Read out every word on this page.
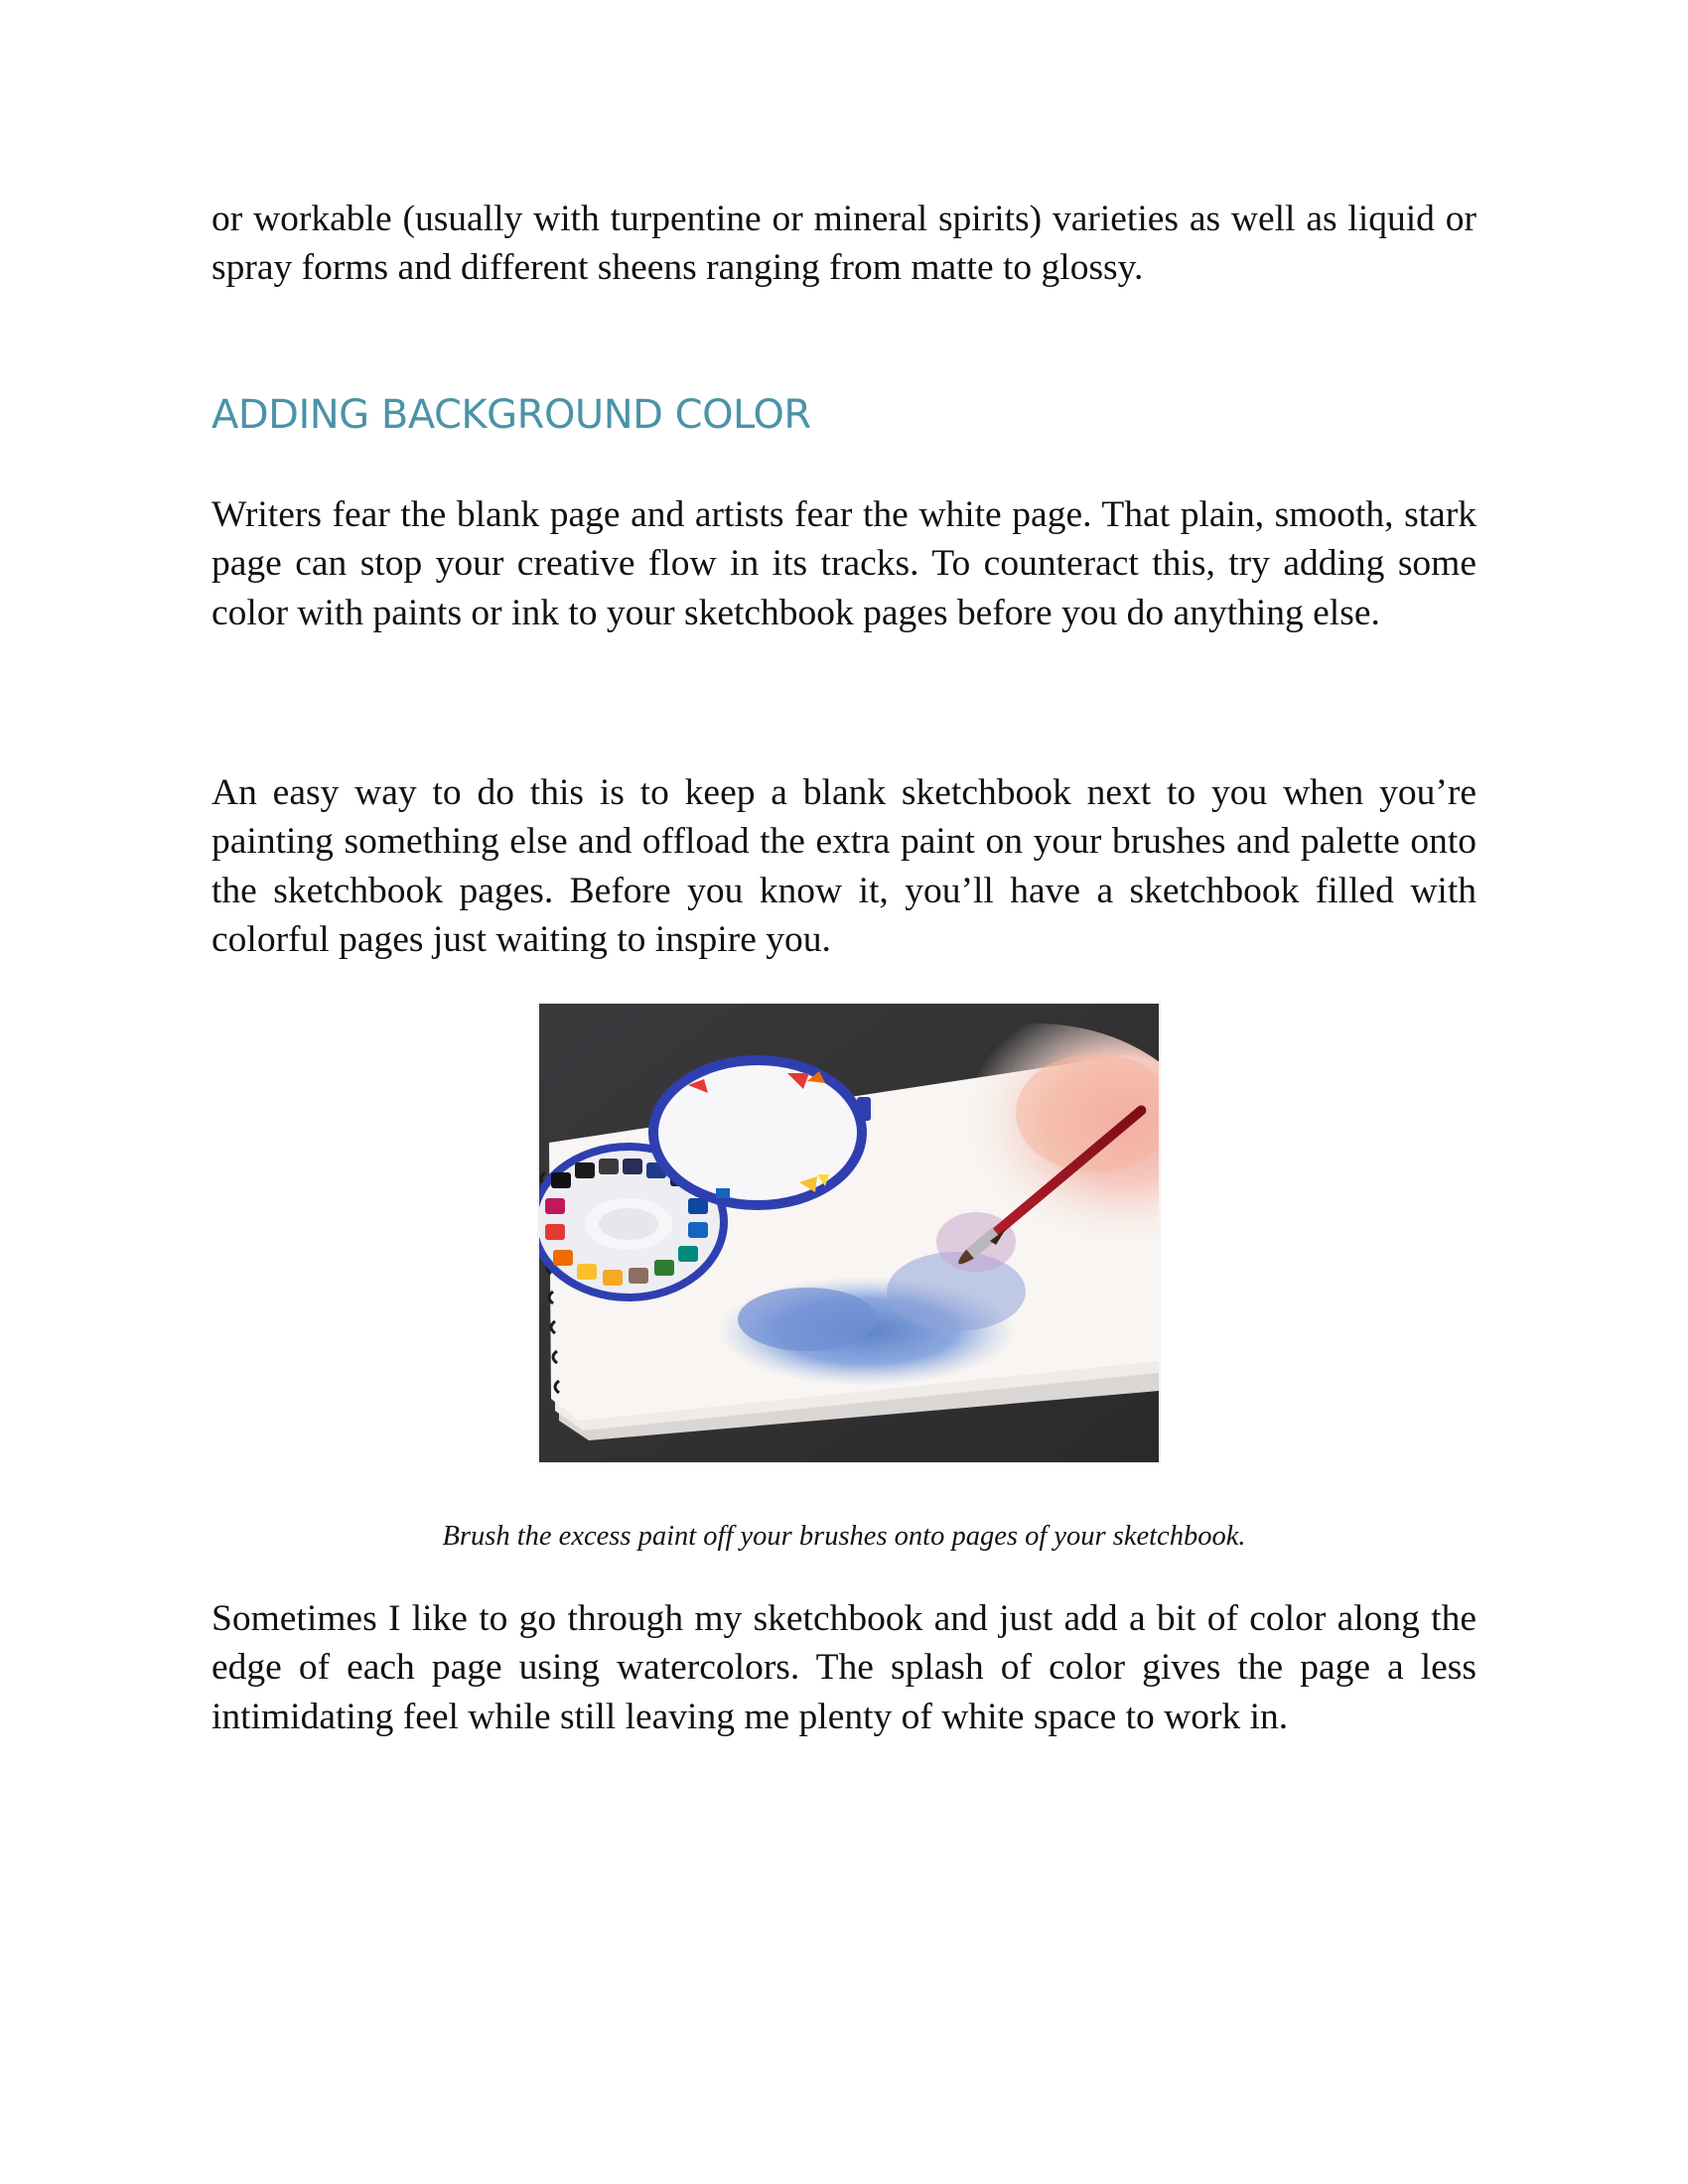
or workable (usually with turpentine or mineral spirits) varieties as well as liquid or spray forms and different sheens ranging from matte to glossy.

ADDING BACKGROUND COLOR

Writers fear the blank page and artists fear the white page. That plain, smooth, stark page can stop your creative flow in its tracks. To counteract this, try adding some color with paints or ink to your sketchbook pages before you do anything else.

An easy way to do this is to keep a blank sketchbook next to you when you’re painting something else and offload the extra paint on your brushes and palette onto the sketchbook pages. Before you know it, you’ll have a sketchbook filled with colorful pages just waiting to inspire you.

Brush the excess paint off your brushes onto pages of your sketchbook.

Sometimes I like to go through my sketchbook and just add a bit of color along the edge of each page using watercolors. The splash of color gives the page a less intimidating feel while still leaving me plenty of white space to work in.
